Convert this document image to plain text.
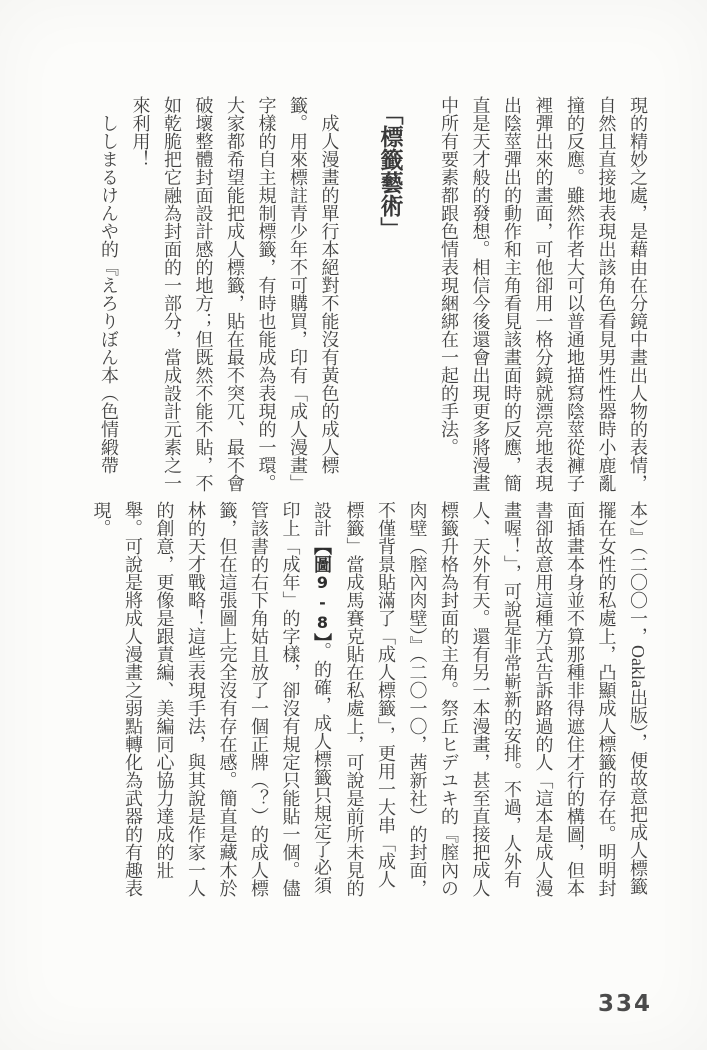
現的精妙之處，是藉由在分鏡中畫出人物的表情，自然且直接地表現出該角色看見男性性器時小鹿亂撞的反應。雖然作者大可以普通地描寫陰莖從褲子裡彈出來的畫面，可他卻用一格分鏡就漂亮地表現出陰莖彈出的動作和主角看見該畫面時的反應，簡直是天才般的發想。相信今後還會出現更多將漫畫中所有要素都跟色情表現綑綁在一起的手法。

「標籤藝術」

成人漫畫的單行本絕對不能沒有黃色的成人標籤。用來標註青少年不可購買，印有「成人漫畫」字樣的自主規制標籤，有時也能成為表現的一環。大家都希望能把成人標籤，貼在最不突兀、最不會破壞整體封面設計感的地方；但既然不能不貼，不如乾脆把它融為封面的一部分，當成設計元素之一來利用！

ししまるけんや的『えろりぼん本（色情緞帶

本）』（二〇〇一，Oakla出版），便故意把成人標籤擺在女性的私處上，凸顯成人標籤的存在。明明封面插畫本身並不算那種非得遮住才行的構圖，但本書卻故意用這種方式告訴路過的人「這本是成人漫畫喔！」，可說是非常嶄新的安排。不過，人外有人、天外有天。還有另一本漫畫，甚至直接把成人標籤升格為封面的主角。祭丘ヒデユキ的『膣內の肉壁（膣內肉壁）』（二〇一〇，茜新社）的封面，不僅背景貼滿了「成人標籤」，更用一大串「成人標籤」當成馬賽克貼在私處上，可說是前所未見的設計【圖9-8】。的確，成人標籤只規定了必須印上「成年」的字樣，卻沒有規定只能貼一個。儘管該書的右下角姑且放了一個正牌（？）的成人標籤，但在這張圖上完全沒有存在感。簡直是藏木於林的天才戰略！這些表現手法，與其說是作家一人的創意，更像是跟責編、美編同心協力達成的壯舉。可說是將成人漫畫之弱點轉化為武器的有趣表現。

334
